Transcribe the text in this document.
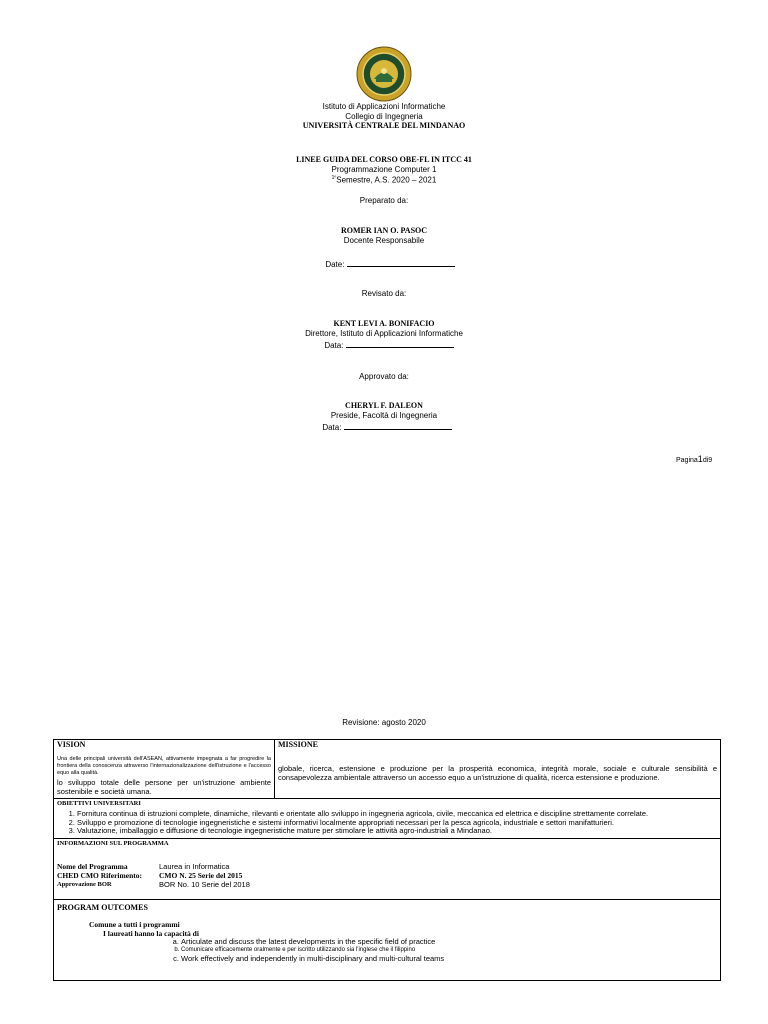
Istituto di Applicazioni Informatiche
Collegio di Ingegneria
UNIVERSITÀ CENTRALE DEL MINDANAO
LINEE GUIDA DEL CORSO OBE-FL IN ITCC 41
Programmazione Computer 1
$^{1º}$Semestre, A.S. 2020 – 2021
Preparato da:
ROMER IAN O. PASOC
Docente Responsabile
Date:
Revisato da:
KENT LEVI A. BONIFACIO
Direttore, Istituto di Applicazioni Informatiche
Data:
Approvato da:
CHERYL F. DALEON
Preside, Facoltà di Ingegneria
Data:
Pagina1di9
Revisione: agosto 2020
VISION
Una delle principali università dell'ASEAN, attivamente impegnata a far progredire la frontiera della conoscenza attraverso l'internazionalizzazione dell'istruzione e l'accesso equo alla qualità.
lo sviluppo totale delle persone per un'istruzione ambiente sostenibile e società umana.

MISSIONE
globale, ricerca, estensione e produzione per la prosperità economica, integrità morale, sociale e culturale sensibilità e consapevolezza ambientale attraverso un accesso equo a un'istruzione di qualità, ricerca estensione e produzione.

OBIETTIVI UNIVERSITARI
1. Fornitura continua di istruzioni complete, dinamiche, rilevanti e orientate allo sviluppo in ingegneria agricola, civile, meccanica ed elettrica e discipline strettamente correlate.
2. Sviluppo e promozione di tecnologie ingegneristiche e sistemi informativi localmente appropriati necessari per la pesca agricola, industriale e settori manifatturieri.
3. Valutazione, imballaggio e diffusione di tecnologie ingegneristiche mature per stimolare le attività agro-industriali a Mindanao.

INFORMAZIONI SUL PROGRAMMA
Nome del Programma	Laurea in Informatica
CHED CMO Riferimento:	CMO N. 25 Serie del 2015
Approvazione BOR	BOR No. 10 Serie del 2018

PROGRAM OUTCOMES
Comune a tutti i programmi
I laureati hanno la capacità di
a. Articulate and discuss the latest developments in the specific field of practice
b. Comunicare efficacemente oralmente e per iscritto utilizzando sia l'inglese che il filippino
c. Work effectively and independently in multi-disciplinary and multi-cultural teams
